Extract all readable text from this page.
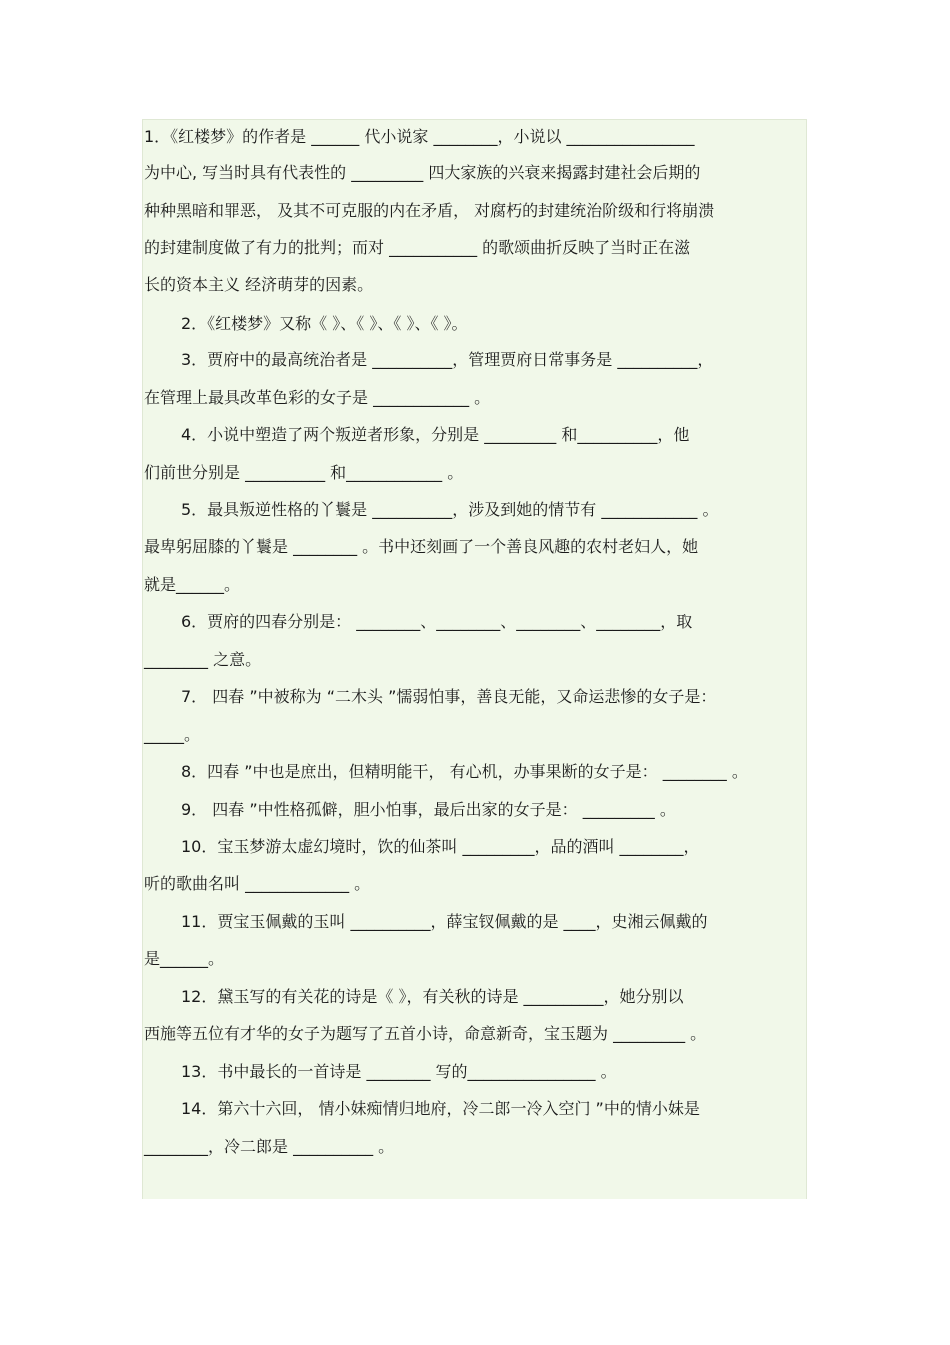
1．《红楼梦》的作者是 ______ 代小说家 ________，小说以 ________________
为中心, 写当时具有代表性的 _________ 四大家族的兴衰来揭露封建社会后期的
种种黑暗和罪恶， 及其不可克服的内在矛盾， 对腐朽的封建统治阶级和行将崩溃
的封建制度做了有力的批判；而对 ___________ 的歌颂曲折反映了当时正在滋
长的资本主义 经济萌芽的因素。
2．《红楼梦》又称《 》、《 》、《 》、《 》。
3．贾府中的最高统治者是 __________，管理贾府日常事务是 __________，
在管理上最具改革色彩的女子是 ____________ 。
4．小说中塑造了两个叛逆者形象，分别是 _________ 和__________，他
们前世分别是 __________ 和____________ 。
5．最具叛逆性格的丫鬟是 __________，涉及到她的情节有 ____________ 。
最卑躬屈膝的丫鬟是 ________ 。书中还刻画了一个善良风趣的农村老妇人，她
就是______。
6．贾府的四春分别是： ________、________、________、________，取
________ 之意。
7． 四春 ”中被称为 “二木头 ”懦弱怕事，善良无能，又命运悲惨的女子是：
_____。
8．四春 ”中也是庶出，但精明能干， 有心机，办事果断的女子是： ________ 。
9． 四春 ”中性格孤僻，胆小怕事，最后出家的女子是： _________ 。
10．宝玉梦游太虚幻境时，饮的仙茶叫 _________，品的酒叫 ________，
听的歌曲名叫 _____________ 。
11．贾宝玉佩戴的玉叫 __________，薛宝钗佩戴的是 ____，史湘云佩戴的
是______。
12．黛玉写的有关花的诗是《 》，有关秋的诗是 __________，她分别以
西施等五位有才华的女子为题写了五首小诗，命意新奇，宝玉题为 _________ 。
13．书中最长的一首诗是 ________ 写的________________ 。
14．第六十六回， 情小妹痴情归地府，冷二郎一冷入空门 ”中的情小妹是
________，冷二郎是 __________ 。
